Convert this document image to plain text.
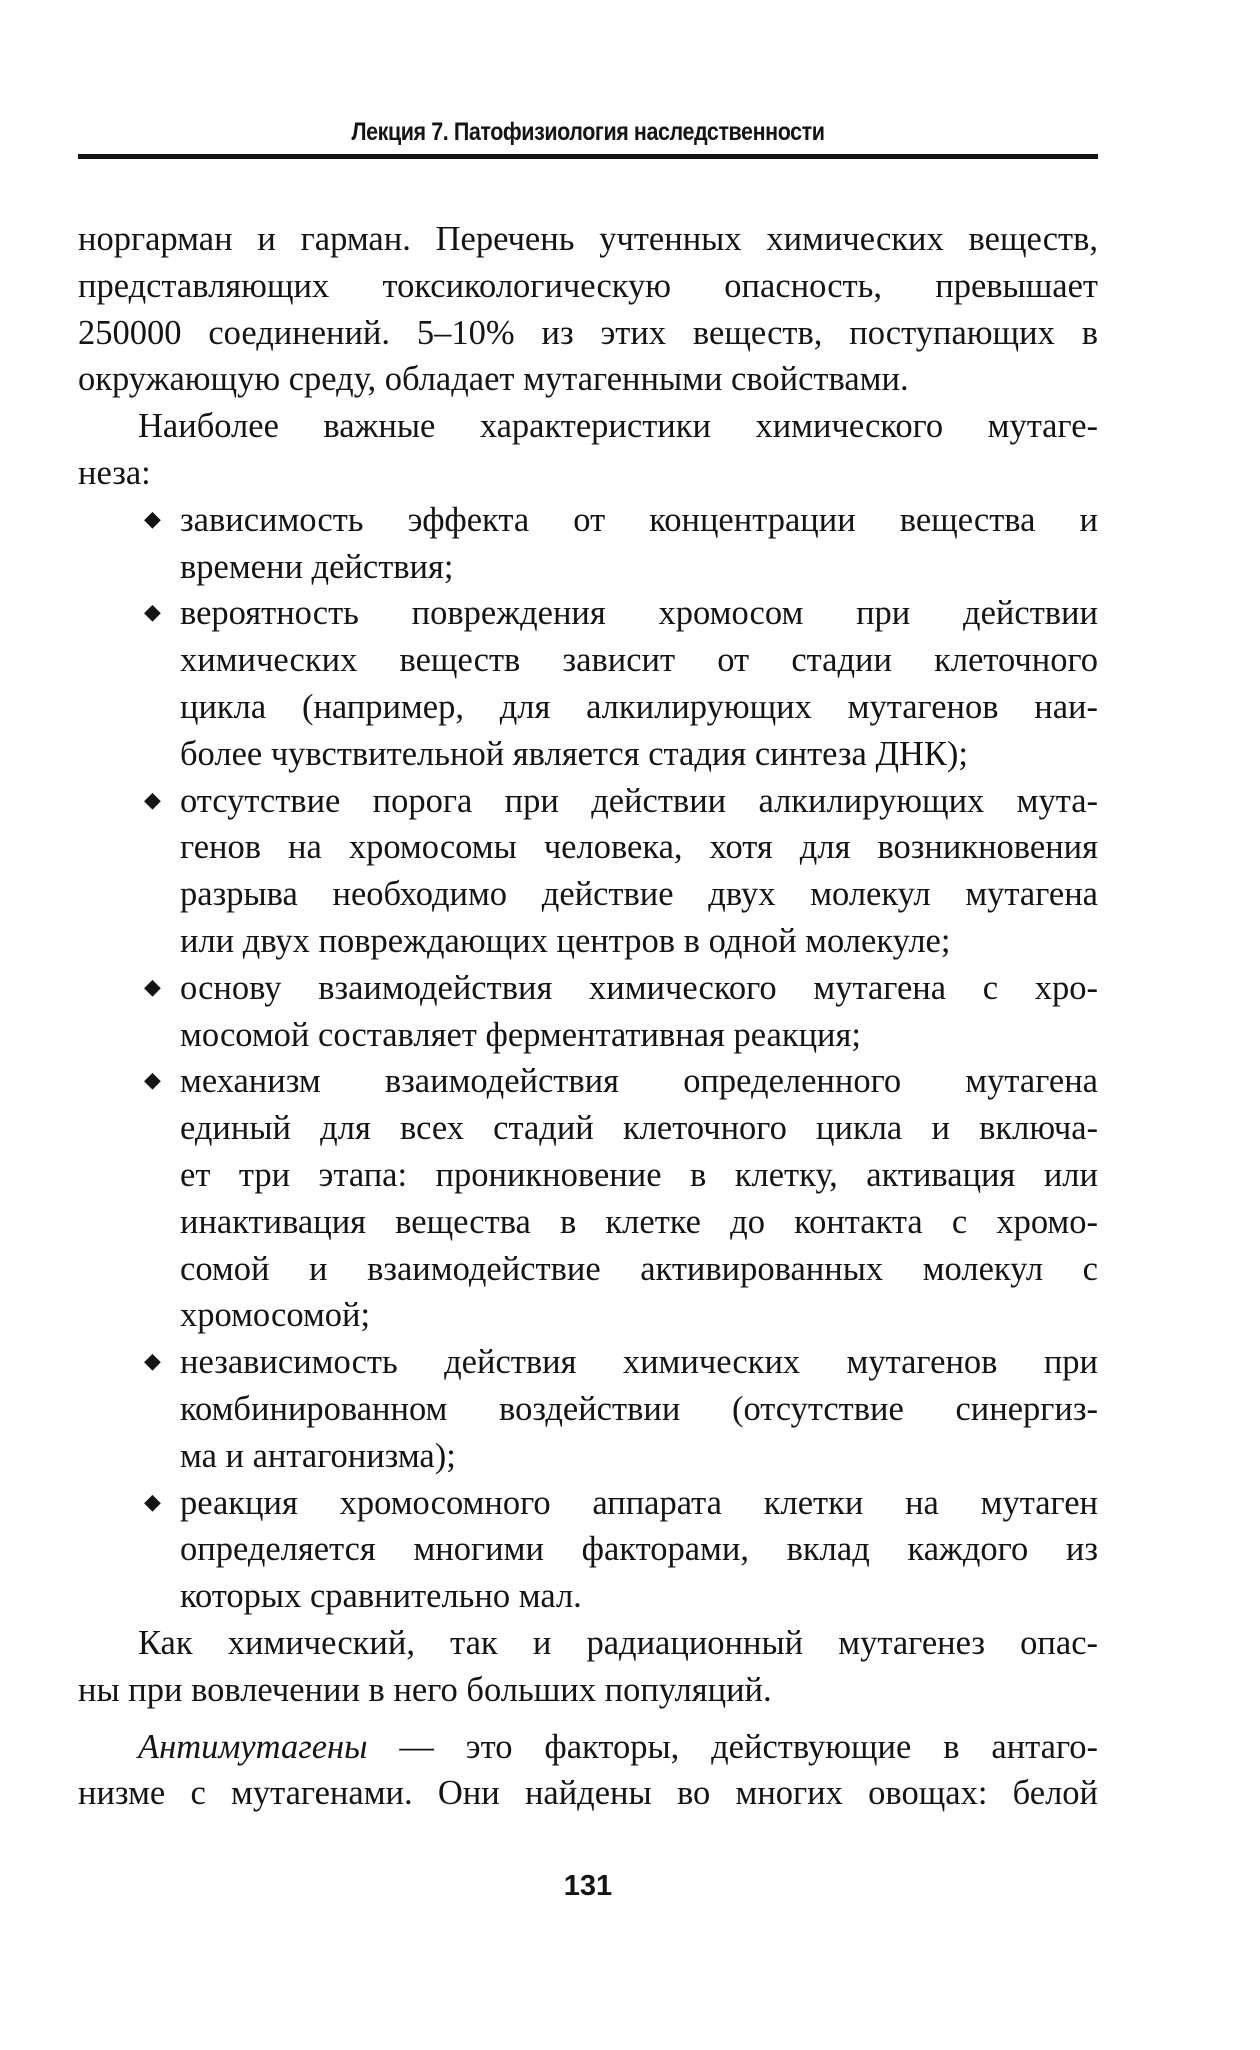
Лекция 7. Патофизиология наследственности

норгарман и гарман. Перечень учтенных химических веществ,
представляющих токсикологическую опасность, превышает
250000 соединений. 5–10% из этих веществ, поступающих в
окружающую среду, обладает мутагенными свойствами.

Наиболее важные характеристики химического мутаге-
неза:

◆ зависимость эффекта от концентрации вещества и
времени действия;
◆ вероятность повреждения хромосом при действии
химических веществ зависит от стадии клеточного
цикла (например, для алкилирующих мутагенов наи-
более чувствительной является стадия синтеза ДНК);
◆ отсутствие порога при действии алкилирующих мута-
генов на хромосомы человека, хотя для возникновения
разрыва необходимо действие двух молекул мутагена
или двух повреждающих центров в одной молекуле;
◆ основу взаимодействия химического мутагена с хро-
мосомой составляет ферментативная реакция;
◆ механизм взаимодействия определенного мутагена
единый для всех стадий клеточного цикла и включа-
ет три этапа: проникновение в клетку, активация или
инактивация вещества в клетке до контакта с хромо-
сомой и взаимодействие активированных молекул с
хромосомой;
◆ независимость действия химических мутагенов при
комбинированном воздействии (отсутствие синергиз-
ма и антагонизма);
◆ реакция хромосомного аппарата клетки на мутаген
определяется многими факторами, вклад каждого из
которых сравнительно мал.

Как химический, так и радиационный мутагенез опас-
ны при вовлечении в него больших популяций.

Антимутагены — это факторы, действующие в антаго-
низме с мутагенами. Они найдены во многих овощах: белой

131
